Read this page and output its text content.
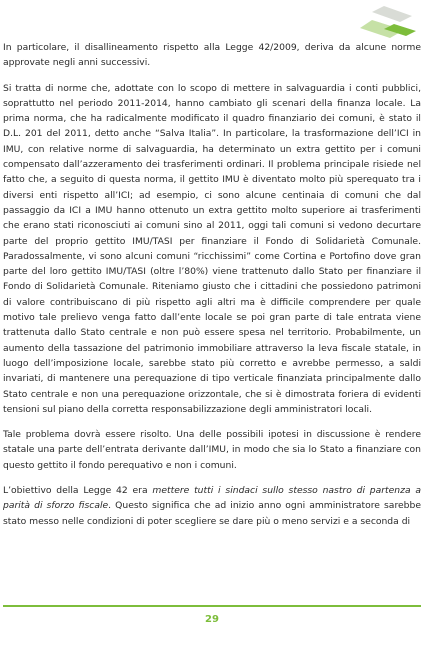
In particolare, il disallineamento rispetto alla Legge 42/2009, deriva da alcune norme approvate negli anni successivi.

Si tratta di norme che, adottate con lo scopo di mettere in salvaguardia i conti pubblici, soprattutto nel periodo 2011-2014, hanno cambiato gli scenari della finanza locale. La prima norma, che ha radicalmente modificato il quadro finanziario dei comuni, è stato il D.L. 201 del 2011, detto anche “Salva Italia”. In particolare, la trasformazione dell’ICI in IMU, con relative norme di salvaguardia, ha determinato un extra gettito per i comuni compensato dall’azzeramento dei trasferimenti ordinari. Il problema principale risiede nel fatto che, a seguito di questa norma, il gettito IMU è diventato molto più sperequato tra i diversi enti rispetto all’ICI; ad esempio, ci sono alcune centinaia di comuni che dal passaggio da ICI a IMU hanno ottenuto un extra gettito molto superiore ai trasferimenti che erano stati riconosciuti ai comuni sino al 2011, oggi tali comuni si vedono decurtare parte del proprio gettito IMU/TASI per finanziare il Fondo di Solidarietà Comunale. Paradossalmente, vi sono alcuni comuni “ricchissimi” come Cortina e Portofino dove gran parte del loro gettito IMU/TASI (oltre l’80%) viene trattenuto dallo Stato per finanziare il Fondo di Solidarietà Comunale. Riteniamo giusto che i cittadini che possiedono patrimoni di valore contribuiscano di più rispetto agli altri ma è difficile comprendere per quale motivo tale prelievo venga fatto dall’ente locale se poi gran parte di tale entrata viene trattenuta dallo Stato centrale e non può essere spesa nel territorio. Probabilmente, un aumento della tassazione del patrimonio immobiliare attraverso la leva fiscale statale, in luogo dell’imposizione locale, sarebbe stato più corretto e avrebbe permesso, a saldi invariati, di mantenere una perequazione di tipo verticale finanziata principalmente dallo Stato centrale e non una perequazione orizzontale, che si è dimostrata foriera di evidenti tensioni sul piano della corretta responsabilizzazione degli amministratori locali.

Tale problema dovrà essere risolto. Una delle possibili ipotesi in discussione è rendere statale una parte dell’entrata derivante dall’IMU, in modo che sia lo Stato a finanziare con questo gettito il fondo perequativo e non i comuni.

L’obiettivo della Legge 42 era mettere tutti i sindaci sullo stesso nastro di partenza a parità di sforzo fiscale. Questo significa che ad inizio anno ogni amministratore sarebbe stato messo nelle condizioni di poter scegliere se dare più o meno servizi e a seconda di

29
